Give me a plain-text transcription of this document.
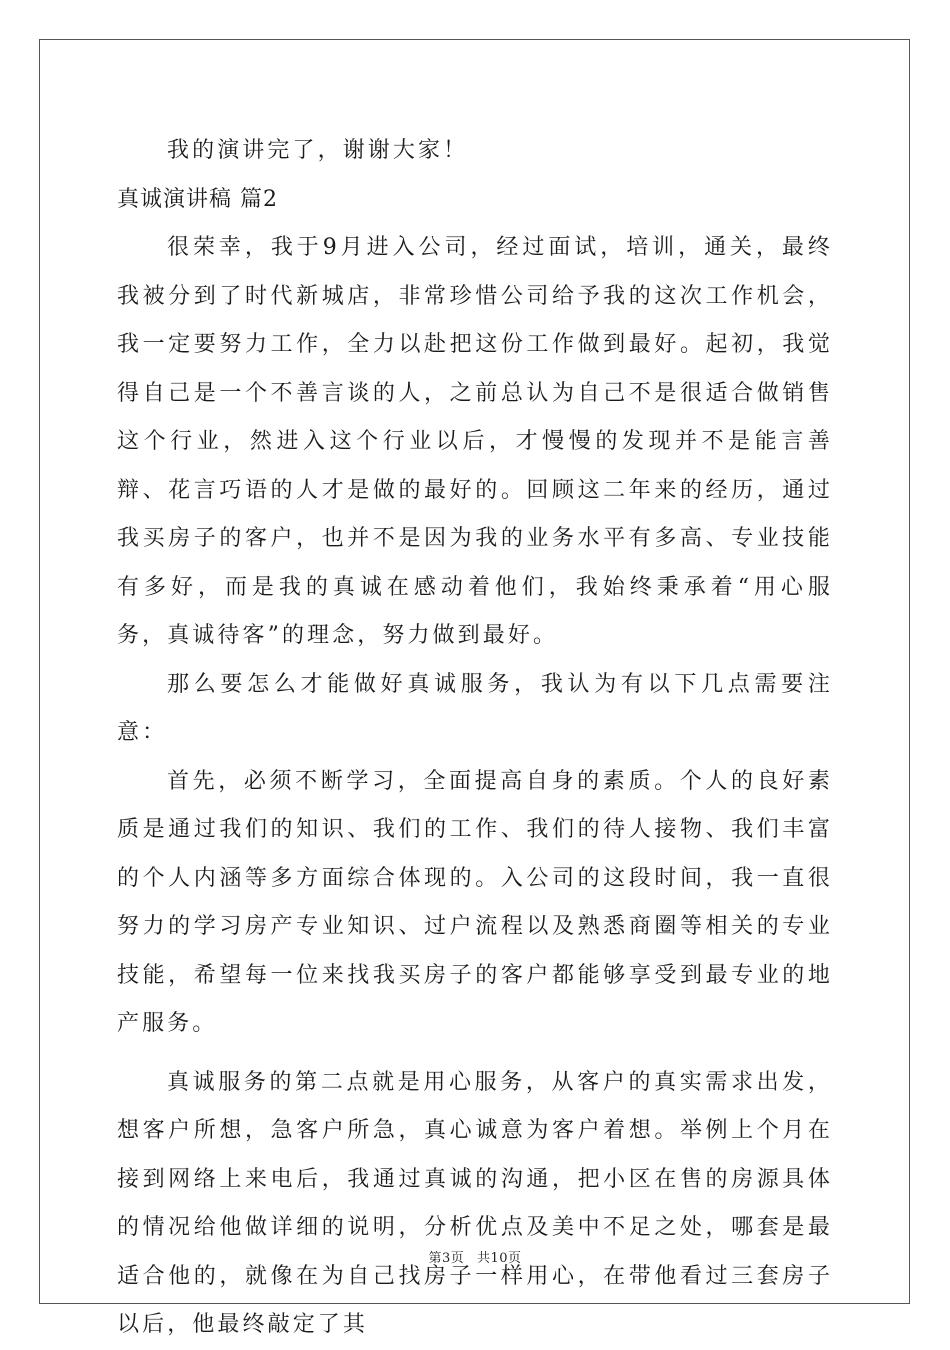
我的演讲完了，谢谢大家！

真诚演讲稿 篇2

很荣幸，我于9月进入公司，经过面试，培训，通关，最终我被分到了时代新城店，非常珍惜公司给予我的这次工作机会，我一定要努力工作，全力以赴把这份工作做到最好。起初，我觉得自己是一个不善言谈的人，之前总认为自己不是很适合做销售这个行业，然进入这个行业以后，才慢慢的发现并不是能言善辩、花言巧语的人才是做的最好的。回顾这二年来的经历，通过我买房子的客户，也并不是因为我的业务水平有多高、专业技能有多好，而是我的真诚在感动着他们，我始终秉承着“用心服务，真诚待客”的理念，努力做到最好。

那么要怎么才能做好真诚服务，我认为有以下几点需要注意：

首先，必须不断学习，全面提高自身的素质。个人的良好素质是通过我们的知识、我们的工作、我们的待人接物、我们丰富的个人内涵等多方面综合体现的。入公司的这段时间，我一直很努力的学习房产专业知识、过户流程以及熟悉商圈等相关的专业技能，希望每一位来找我买房子的客户都能够享受到最专业的地产服务。

真诚服务的第二点就是用心服务，从客户的真实需求出发，想客户所想，急客户所急，真心诚意为客户着想。举例上个月在接到网络上来电后，我通过真诚的沟通，把小区在售的房源具体的情况给他做详细的说明，分析优点及美中不足之处，哪套是最适合他的，就像在为自己找房子一样用心，在带他看过三套房子以后，他最终敲定了其

第3页 共10页
